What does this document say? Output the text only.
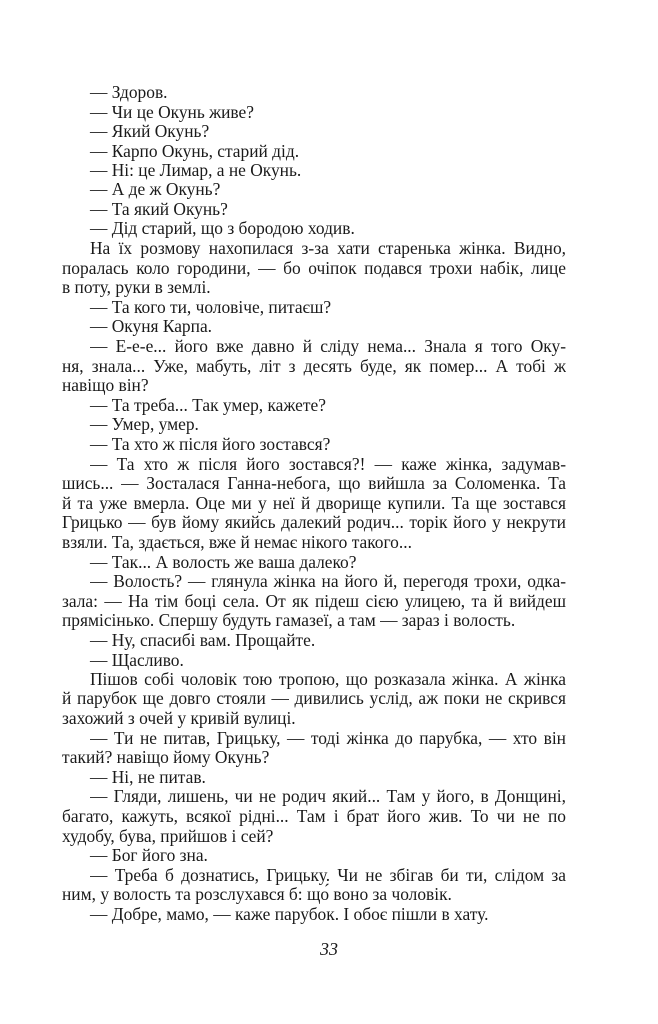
— Здоров.
— Чи це Окунь живе?
— Який Окунь?
— Карпо Окунь, старий дід.
— Ні: це Лимар, а не Окунь.
— А де ж Окунь?
— Та який Окунь?
— Дід старий, що з бородою ходив.
На їх розмову нахопилася з-за хати старенька жінка. Видно,
поралась коло городини, — бо очіпок подався трохи набік, лице
в поту, руки в землі.
— Та кого ти, чоловіче, питаєш?
— Окуня Карпа.
— Е-е-е... його вже давно й сліду нема... Знала я того Оку-
ня, знала... Уже, мабуть, літ з десять буде, як помер... А тобі ж
навіщо він?
— Та треба... Так умер, кажете?
— Умер, умер.
— Та хто ж після його зостався?
— Та хто ж після його зостався?! — каже жінка, задумав-
шись... — Зосталася Ганна-небога, що вийшла за Соломенка. Та
й та уже вмерла. Оце ми у неї й дворище купили. Та ще зостався
Грицько — був йому якийсь далекий родич... торік його у некрути
взяли. Та, здається, вже й немає нікого такого...
— Так... А волость же ваша далеко?
— Волость? — глянула жінка на його й, перегодя трохи, одка-
зала: — На тім боці села. От як підеш сією улицею, та й вийдеш
прямісінько. Спершу будуть гамазеї, а там — зараз і волость.
— Ну, спасибі вам. Прощайте.
— Щасливо.
Пішов собі чоловік тою тропою, що розказала жінка. А жінка
й парубок ще довго стояли — дивились услід, аж поки не скрився
захожий з очей у кривій вулиці.
— Ти не питав, Грицьку, — тоді жінка до парубка, — хто він
такий? навіщо йому Окунь?
— Ні, не питав.
— Гляди, лишень, чи не родич який... Там у його, в Донщині,
багато, кажуть, всякої рідні... Там і брат його жив. То чи не по
худобу, бува, прийшов і сей?
— Бог його зна.
— Треба б дознатись, Грицьку. Чи не збігав би ти, слідом за
ним, у волость та розслухався б: що́ воно за чоловік.
— Добре, мамо, — каже парубок. І обоє пішли в хату.
33
